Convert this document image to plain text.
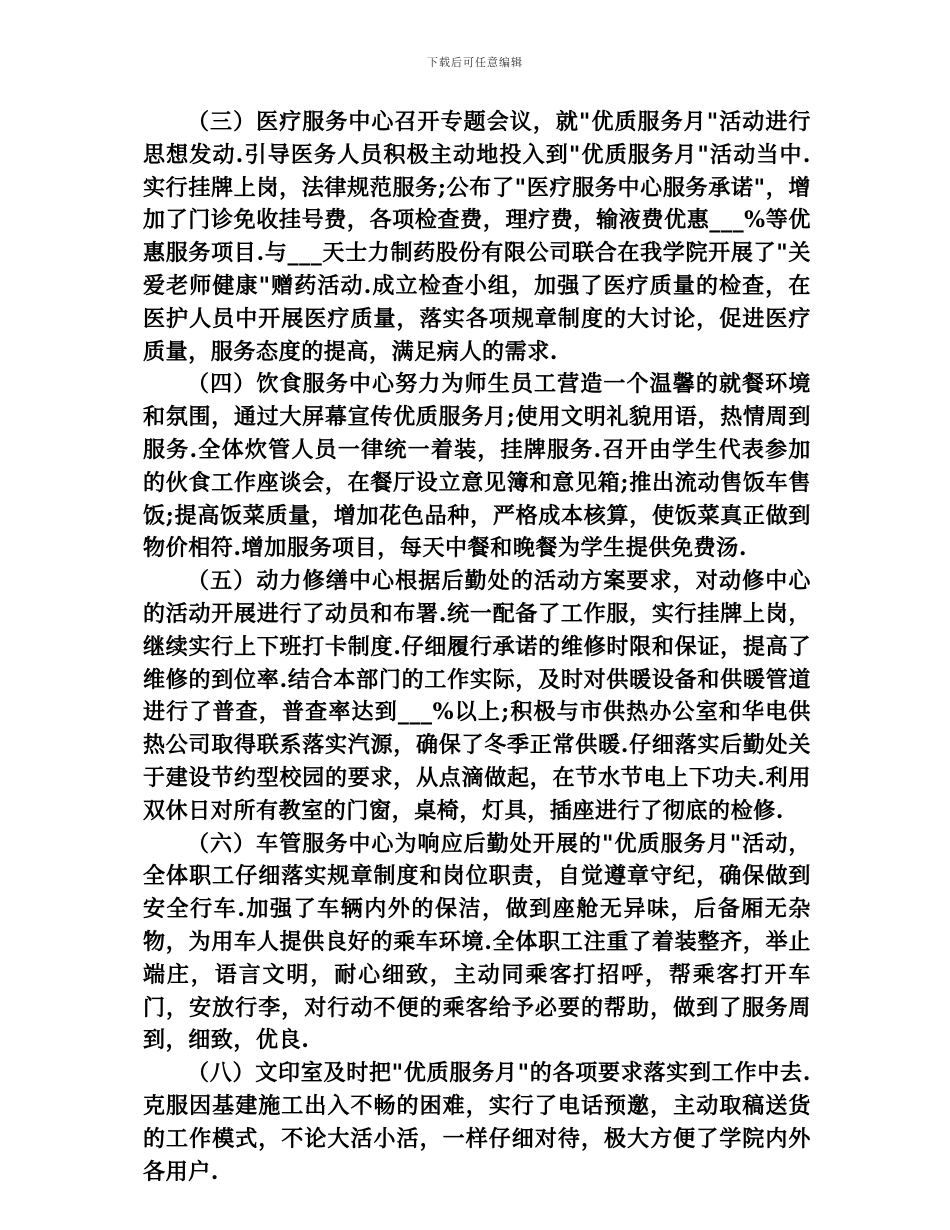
下载后可任意编辑

（三）医疗服务中心召开专题会议，就"优质服务月"活动进行思想发动.引导医务人员积极主动地投入到"优质服务月"活动当中.实行挂牌上岗，法律规范服务;公布了"医疗服务中心服务承诺"，增加了门诊免收挂号费，各项检查费，理疗费，输液费优惠___%等优惠服务项目.与___天士力制药股份有限公司联合在我学院开展了"关爱老师健康"赠药活动.成立检查小组，加强了医疗质量的检查，在医护人员中开展医疗质量，落实各项规章制度的大讨论，促进医疗质量，服务态度的提高，满足病人的需求.

（四）饮食服务中心努力为师生员工营造一个温馨的就餐环境和氛围，通过大屏幕宣传优质服务月;使用文明礼貌用语，热情周到服务.全体炊管人员一律统一着装，挂牌服务.召开由学生代表参加的伙食工作座谈会，在餐厅设立意见簿和意见箱;推出流动售饭车售饭;提高饭菜质量，增加花色品种，严格成本核算，使饭菜真正做到物价相符.增加服务项目，每天中餐和晚餐为学生提供免费汤.

（五）动力修缮中心根据后勤处的活动方案要求，对动修中心的活动开展进行了动员和布署.统一配备了工作服，实行挂牌上岗，继续实行上下班打卡制度.仔细履行承诺的维修时限和保证，提高了维修的到位率.结合本部门的工作实际，及时对供暖设备和供暖管道进行了普查，普查率达到___%以上;积极与市供热办公室和华电供热公司取得联系落实汽源，确保了冬季正常供暖.仔细落实后勤处关于建设节约型校园的要求，从点滴做起，在节水节电上下功夫.利用双休日对所有教室的门窗，桌椅，灯具，插座进行了彻底的检修.

（六）车管服务中心为响应后勤处开展的"优质服务月"活动，全体职工仔细落实规章制度和岗位职责，自觉遵章守纪，确保做到安全行车.加强了车辆内外的保洁，做到座舱无异味，后备厢无杂物，为用车人提供良好的乘车环境.全体职工注重了着装整齐，举止端庄，语言文明，耐心细致，主动同乘客打招呼，帮乘客打开车门，安放行李，对行动不便的乘客给予必要的帮助，做到了服务周到，细致，优良.

（八）文印室及时把"优质服务月"的各项要求落实到工作中去.克服因基建施工出入不畅的困难，实行了电话预邀，主动取稿送货的工作模式，不论大活小活，一样仔细对待，极大方便了学院内外各用户.
